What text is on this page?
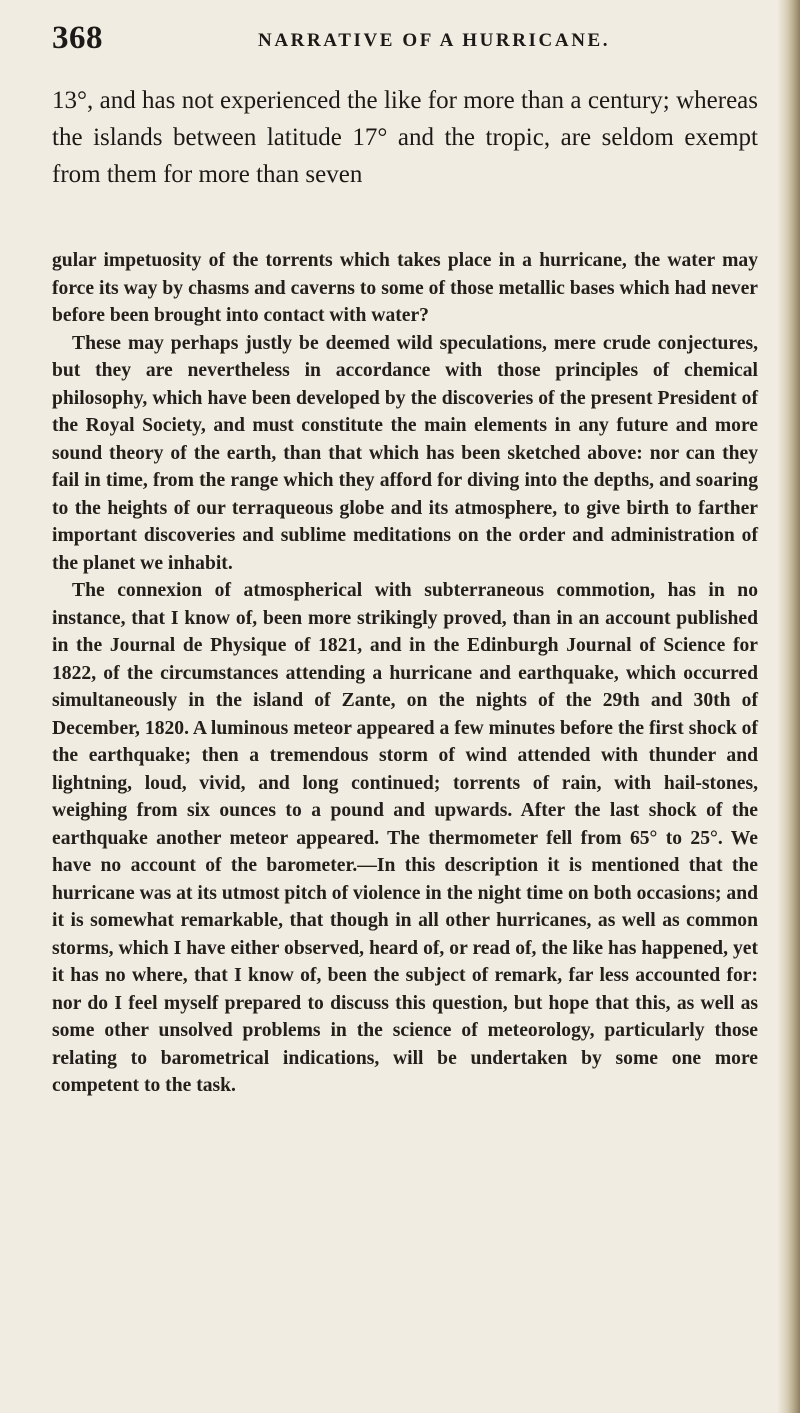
368	NARRATIVE OF A HURRICANE.

13°, and has not experienced the like for more than a century; whereas the islands between latitude 17° and the tropic, are seldom exempt from them for more than seven

gular impetuosity of the torrents which takes place in a hurricane, the water may force its way by chasms and caverns to some of those metallic bases which had never before been brought into contact with water?

These may perhaps justly be deemed wild speculations, mere crude conjectures, but they are nevertheless in accordance with those principles of chemical philosophy, which have been developed by the discoveries of the present President of the Royal Society, and must constitute the main elements in any future and more sound theory of the earth, than that which has been sketched above: nor can they fail in time, from the range which they afford for diving into the depths, and soaring to the heights of our terraqueous globe and its atmosphere, to give birth to farther important discoveries and sublime meditations on the order and administration of the planet we inhabit.

The connexion of atmospherical with subterraneous commotion, has in no instance, that I know of, been more strikingly proved, than in an account published in the Journal de Physique of 1821, and in the Edinburgh Journal of Science for 1822, of the circumstances attending a hurricane and earthquake, which occurred simultaneously in the island of Zante, on the nights of the 29th and 30th of December, 1820. A luminous meteor appeared a few minutes before the first shock of the earthquake; then a tremendous storm of wind attended with thunder and lightning, loud, vivid, and long continued; torrents of rain, with hail-stones, weighing from six ounces to a pound and upwards. After the last shock of the earthquake another meteor appeared. The thermometer fell from 65° to 25°. We have no account of the barometer.—In this description it is mentioned that the hurricane was at its utmost pitch of violence in the night time on both occasions; and it is somewhat remarkable, that though in all other hurricanes, as well as common storms, which I have either observed, heard of, or read of, the like has happened, yet it has no where, that I know of, been the subject of remark, far less accounted for: nor do I feel myself prepared to discuss this question, but hope that this, as well as some other unsolved problems in the science of meteorology, particularly those relating to barometrical indications, will be undertaken by some one more competent to the task.
